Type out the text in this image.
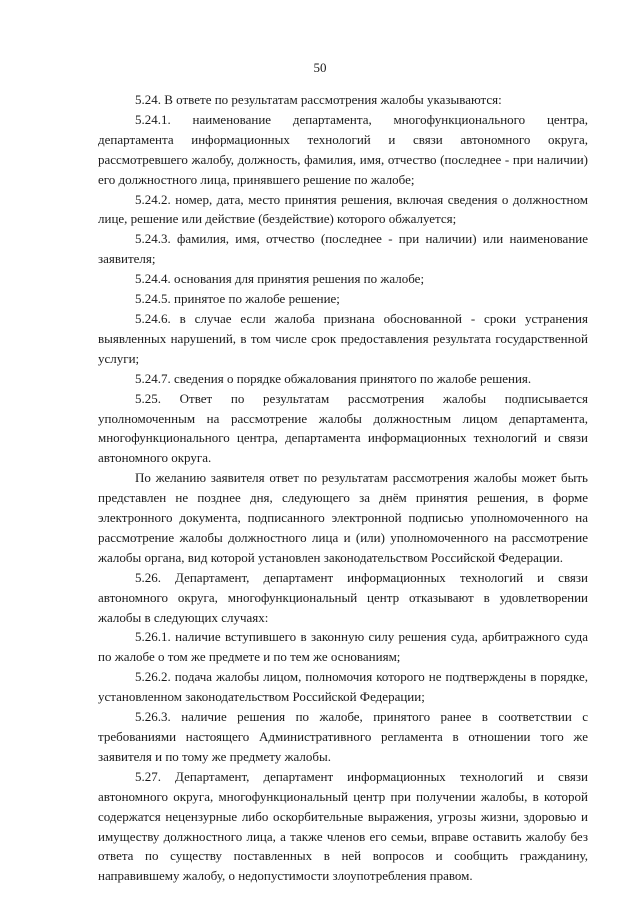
50

5.24. В ответе по результатам рассмотрения жалобы указываются:

5.24.1. наименование департамента, многофункционального центра, департамента информационных технологий и связи автономного округа, рассмотревшего жалобу, должность, фамилия, имя, отчество (последнее - при наличии) его должностного лица, принявшего решение по жалобе;

5.24.2. номер, дата, место принятия решения, включая сведения о должностном лице, решение или действие (бездействие) которого обжалуется;

5.24.3. фамилия, имя, отчество (последнее - при наличии) или наименование заявителя;

5.24.4. основания для принятия решения по жалобе;

5.24.5. принятое по жалобе решение;

5.24.6. в случае если жалоба признана обоснованной - сроки устранения выявленных нарушений, в том числе срок предоставления результата государственной услуги;

5.24.7. сведения о порядке обжалования принятого по жалобе решения.

5.25. Ответ по результатам рассмотрения жалобы подписывается уполномоченным на рассмотрение жалобы должностным лицом департамента, многофункционального центра, департамента информационных технологий и связи автономного округа.

По желанию заявителя ответ по результатам рассмотрения жалобы может быть представлен не позднее дня, следующего за днём принятия решения, в форме электронного документа, подписанного электронной подписью уполномоченного на рассмотрение жалобы должностного лица и (или) уполномоченного на рассмотрение жалобы органа, вид которой установлен законодательством Российской Федерации.

5.26. Департамент, департамент информационных технологий и связи автономного округа, многофункциональный центр отказывают в удовлетворении жалобы в следующих случаях:

5.26.1. наличие вступившего в законную силу решения суда, арбитражного суда по жалобе о том же предмете и по тем же основаниям;

5.26.2. подача жалобы лицом, полномочия которого не подтверждены в порядке, установленном законодательством Российской Федерации;

5.26.3. наличие решения по жалобе, принятого ранее в соответствии с требованиями настоящего Административного регламента в отношении того же заявителя и по тому же предмету жалобы.

5.27. Департамент, департамент информационных технологий и связи автономного округа, многофункциональный центр при получении жалобы, в которой содержатся нецензурные либо оскорбительные выражения, угрозы жизни, здоровью и имуществу должностного лица, а также членов его семьи, вправе оставить жалобу без ответа по существу поставленных в ней вопросов и сообщить гражданину, направившему жалобу, о недопустимости злоупотребления правом.
